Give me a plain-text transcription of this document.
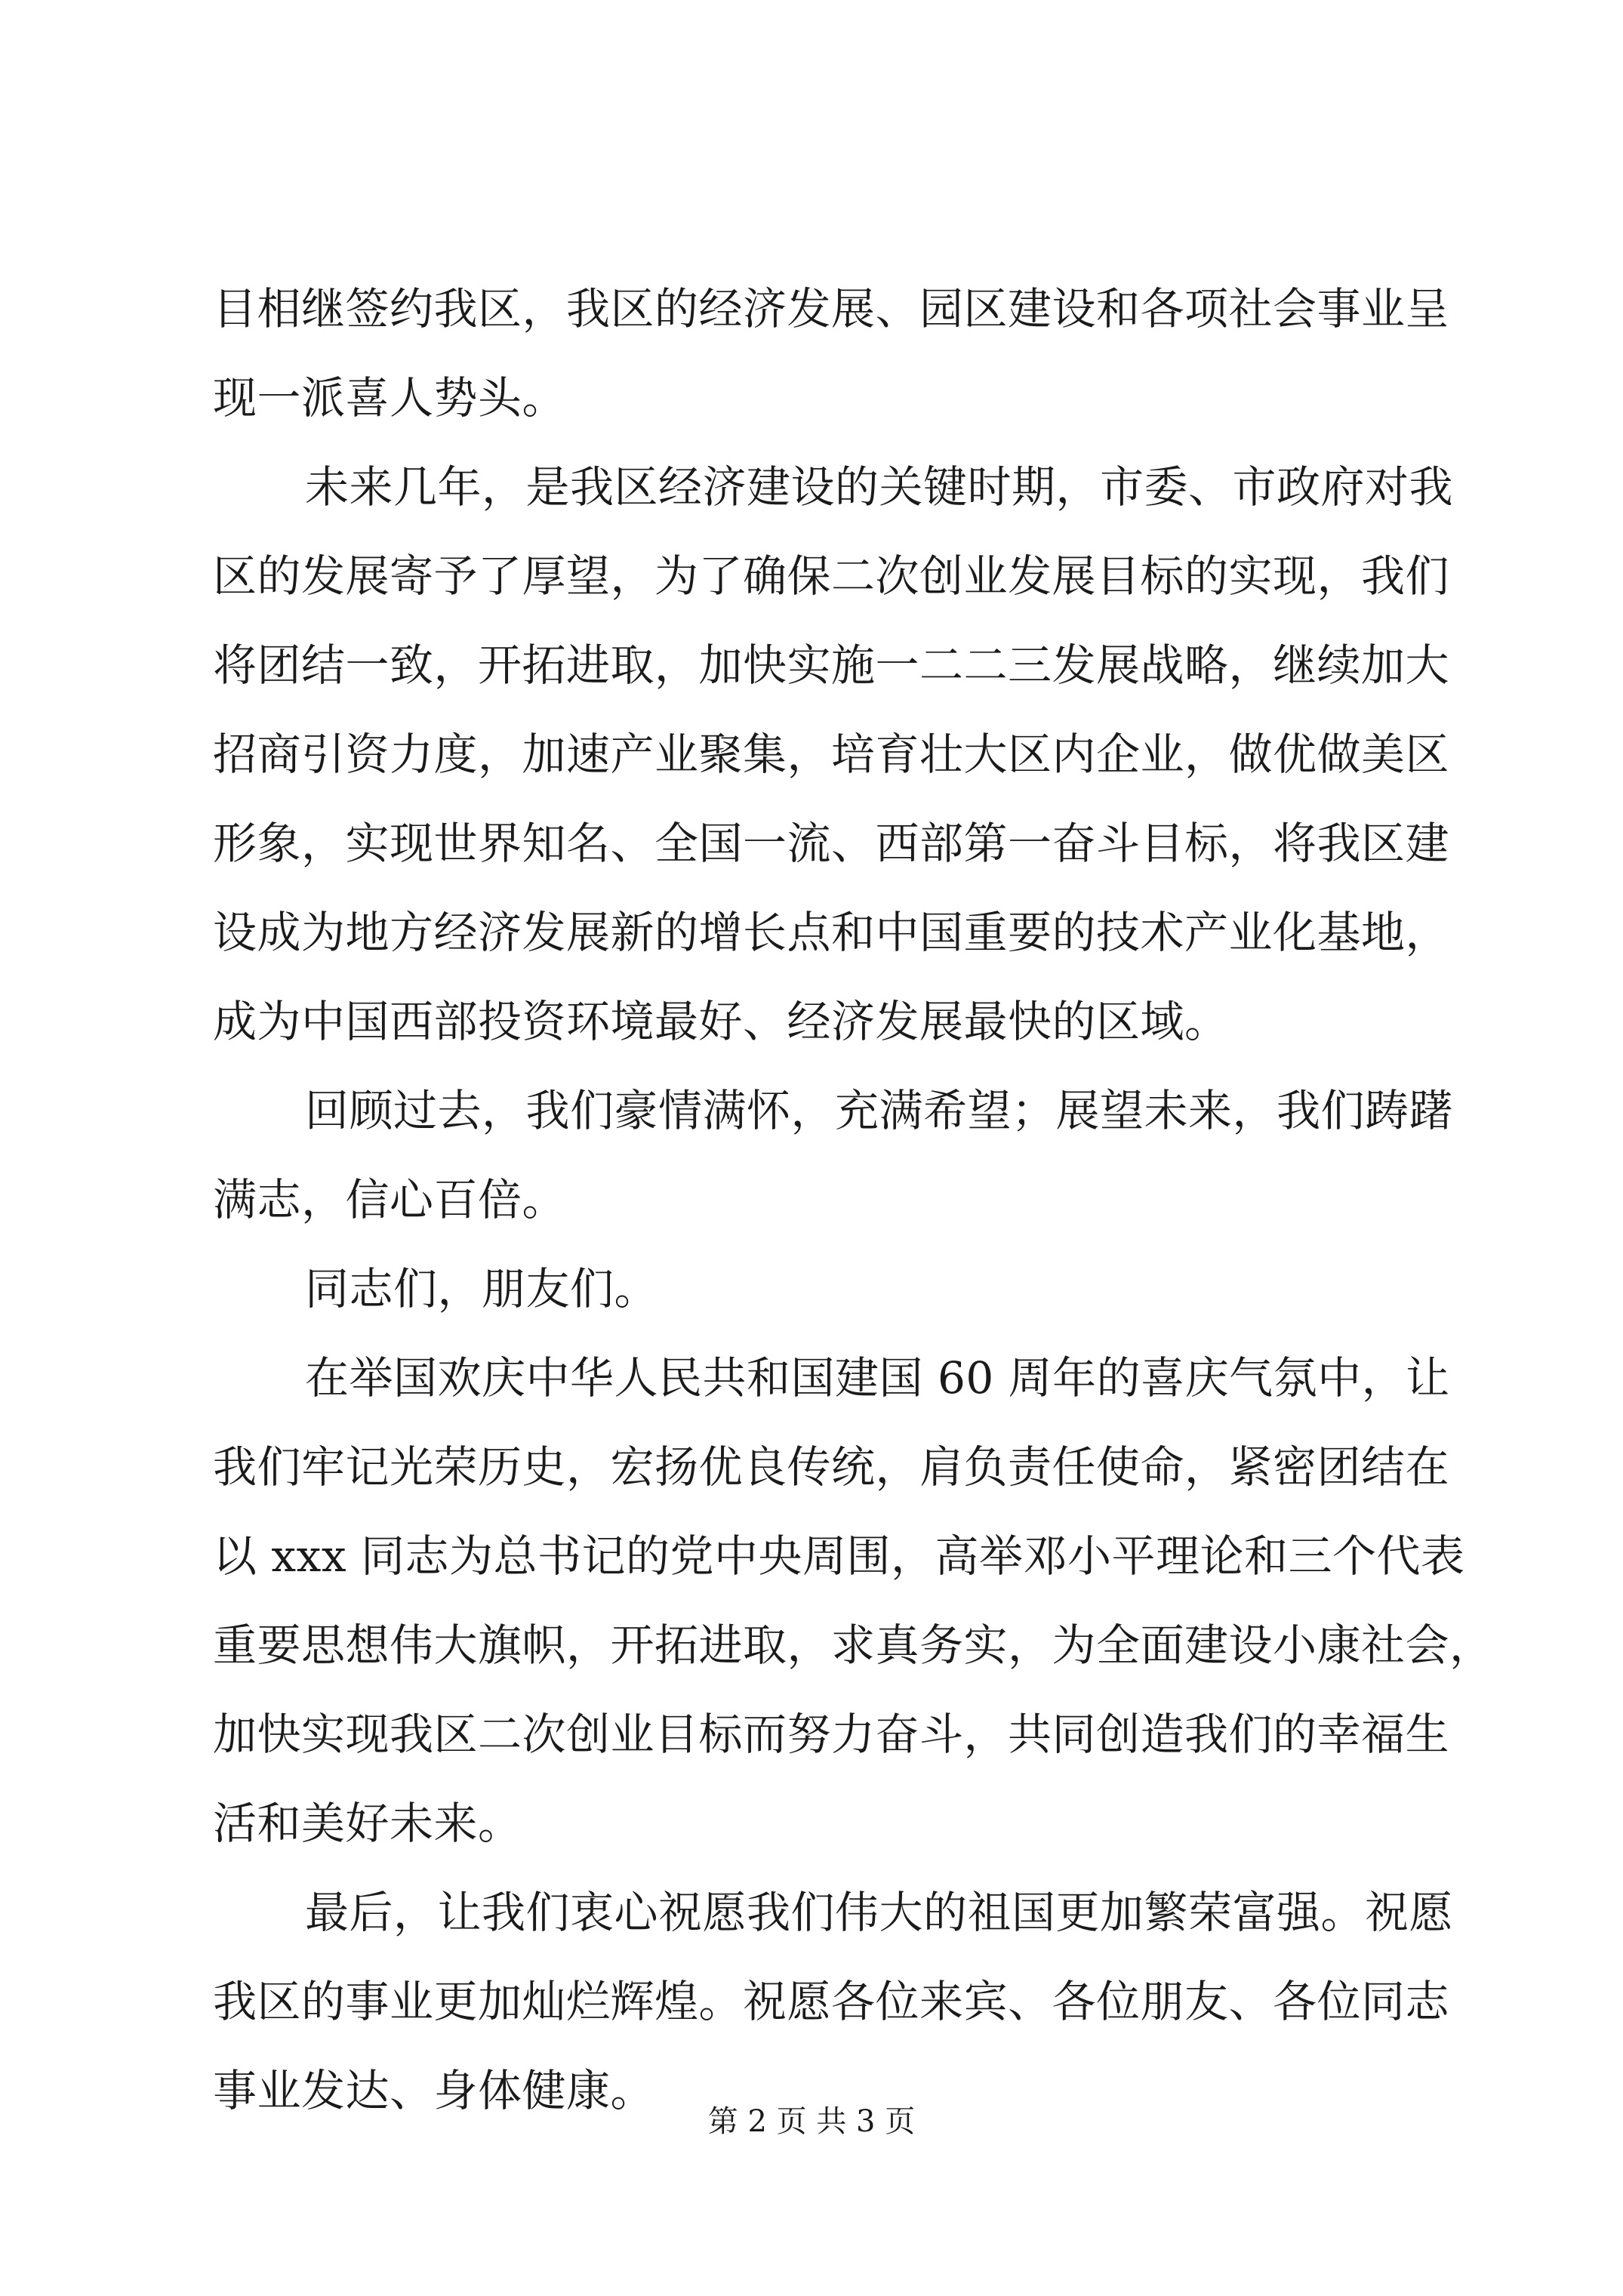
目相继签约我区，我区的经济发展、园区建设和各项社会事业呈
现一派喜人势头。
未来几年，是我区经济建设的关键时期，市委、市政府对我
区的发展寄予了厚望，为了确保二次创业发展目标的实现，我们
将团结一致，开拓进取，加快实施一二二三发展战略，继续加大
招商引资力度，加速产业聚集，培育壮大区内企业，做优做美区
形象，实现世界知名、全国一流、西部第一奋斗目标，将我区建
设成为地方经济发展新的增长点和中国重要的技术产业化基地，
成为中国西部投资环境最好、经济发展最快的区域。
回顾过去，我们豪情满怀，充满希望；展望未来，我们踌躇
满志，信心百倍。
同志们，朋友们。
在举国欢庆中华人民共和国建国 60 周年的喜庆气氛中，让
我们牢记光荣历史，宏扬优良传统，肩负责任使命，紧密团结在
以 xxx 同志为总书记的党中央周围，高举邓小平理论和三个代表
重要思想伟大旗帜，开拓进取，求真务实，为全面建设小康社会，
加快实现我区二次创业目标而努力奋斗，共同创造我们的幸福生
活和美好未来。
最后，让我们衷心祝愿我们伟大的祖国更加繁荣富强。祝愿
我区的事业更加灿烂辉煌。祝愿各位来宾、各位朋友、各位同志
事业发达、身体健康。
第 2 页 共 3 页
